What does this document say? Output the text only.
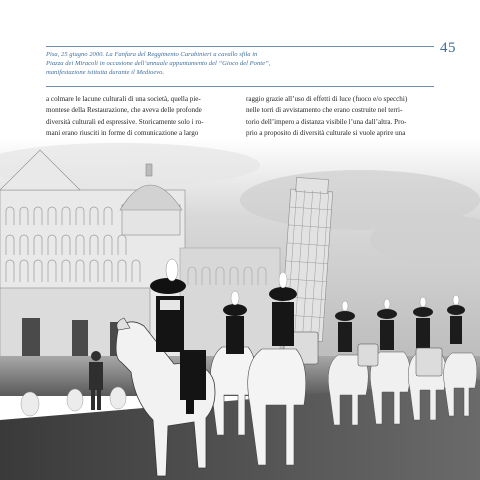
45
Pisa, 25 giugno 2000. La Fanfara del Reggimento Carabinieri a cavallo sfila in
Piazza dei Miracoli in occasione dell’annuale appuntamento del “Gioco del Ponte”,
manifestazione istituita durante il Medioevo.
a colmare le lacune culturali di una società, quella pie-
montese della Restaurazione, che aveva delle profonde
diversità culturali ed espressive. Storicamente solo i ro-
mani erano riusciti in forme di comunicazione a largo
raggio grazie all’uso di effetti di luce (fuoco e/o specchi)
nelle torri di avvistamento che erano costruite nel terri-
torio dell’impero a distanza visibile l’una dall’altra. Pro-
prio a proposito di diversità culturale si vuole aprire una
